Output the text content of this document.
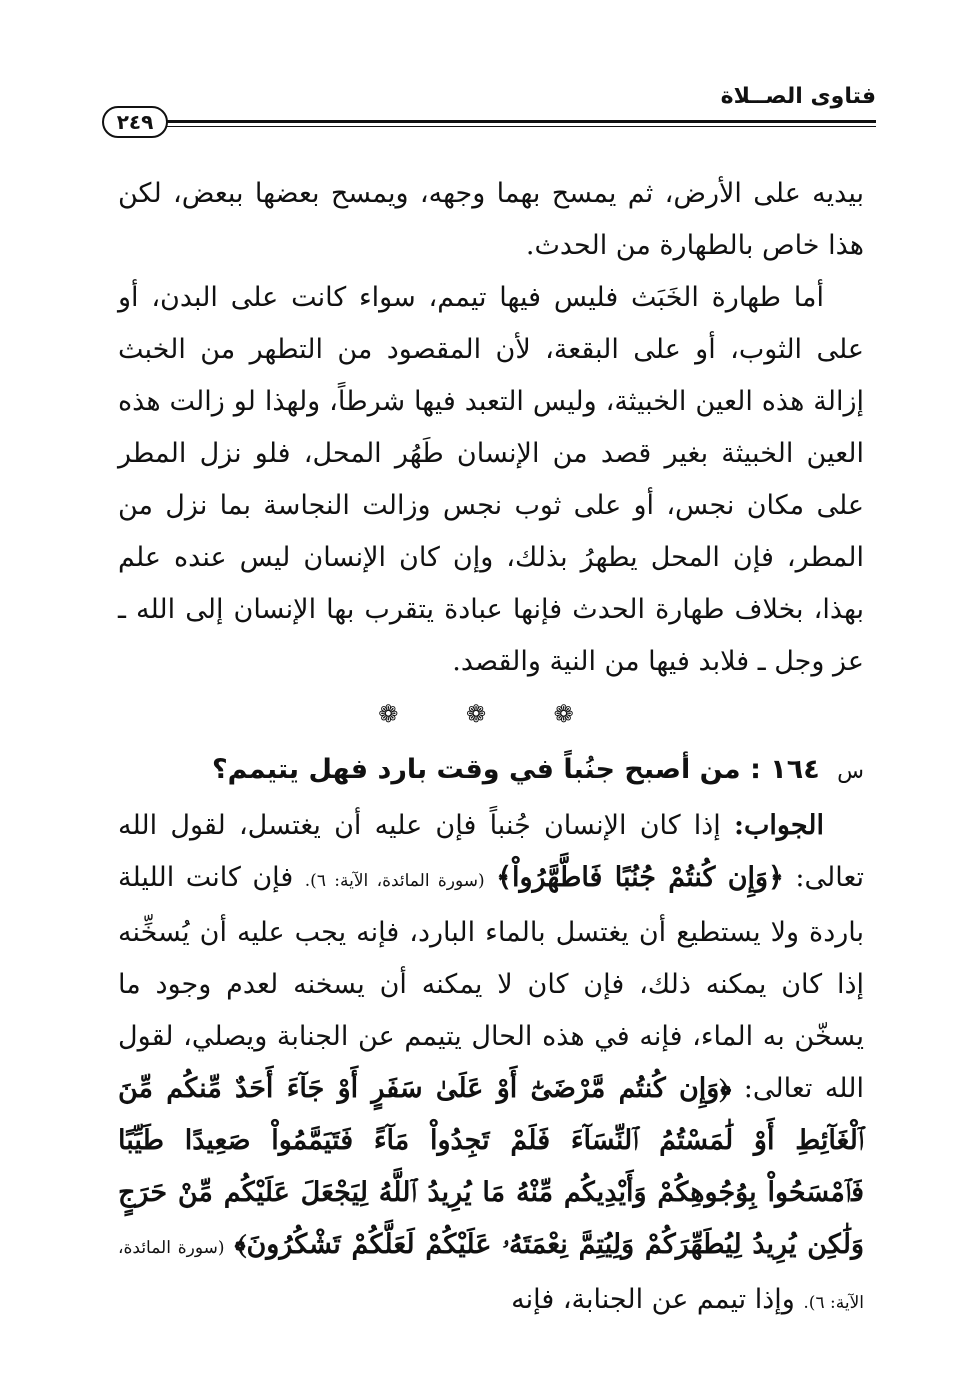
فتاوى الصــلاة
٢٤٩

بيديه على الأرض، ثم يمسح بهما وجهه، ويمسح بعضها ببعض، لكن هذا خاص بالطهارة من الحدث.

أما طهارة الخَبَث فليس فيها تيمم، سواء كانت على البدن، أو على الثوب، أو على البقعة، لأن المقصود من التطهر من الخبث إزالة هذه العين الخبيثة، وليس التعبد فيها شرطاً، ولهذا لو زالت هذه العين الخبيثة بغير قصد من الإنسان طَهُر المحل، فلو نزل المطر على مكان نجس، أو على ثوب نجس وزالت النجاسة بما نزل من المطر، فإن المحل يطهرُ بذلك، وإن كان الإنسان ليس عنده علم بهذا، بخلاف طهارة الحدث فإنها عبادة يتقرب بها الإنسان إلى الله ـ عز وجل ـ فلابد فيها من النية والقصد.

❁ ❁ ❁

س ١٦٤ : من أصبح جنُباً في وقت بارد فهل يتيمم؟

الجواب: إذا كان الإنسان جُنباً فإن عليه أن يغتسل، لقول الله تعالى: ﴿وَإِن كُنتُمْ جُنُبًا فَاطَّهَّرُواْ﴾ (سورة المائدة، الآية: ٦). فإن كانت الليلة باردة ولا يستطيع أن يغتسل بالماء البارد، فإنه يجب عليه أن يُسخِّنه إذا كان يمكنه ذلك، فإن كان لا يمكنه أن يسخنه لعدم وجود ما يسخّن به الماء، فإنه في هذه الحال يتيمم عن الجنابة ويصلي، لقول الله تعالى: ﴿وَإِن كُنتُم مَّرْضَىٰٓ أَوْ عَلَىٰ سَفَرٍ أَوْ جَآءَ أَحَدٌ مِّنكُم مِّنَ ٱلْغَآئِطِ أَوْ لَٰمَسْتُمُ ٱلنِّسَآءَ فَلَمْ تَجِدُواْ مَآءً فَتَيَمَّمُواْ صَعِيدًا طَيِّبًا فَٱمْسَحُواْ بِوُجُوهِكُمْ وَأَيْدِيكُم مِّنْهُ مَا يُرِيدُ ٱللَّهُ لِيَجْعَلَ عَلَيْكُم مِّنْ حَرَجٍ وَلَٰكِن يُرِيدُ لِيُطَهِّرَكُمْ وَلِيُتِمَّ نِعْمَتَهُۥ عَلَيْكُمْ لَعَلَّكُمْ تَشْكُرُونَ﴾ (سورة المائدة، الآية: ٦). وإذا تيمم عن الجنابة، فإنه
